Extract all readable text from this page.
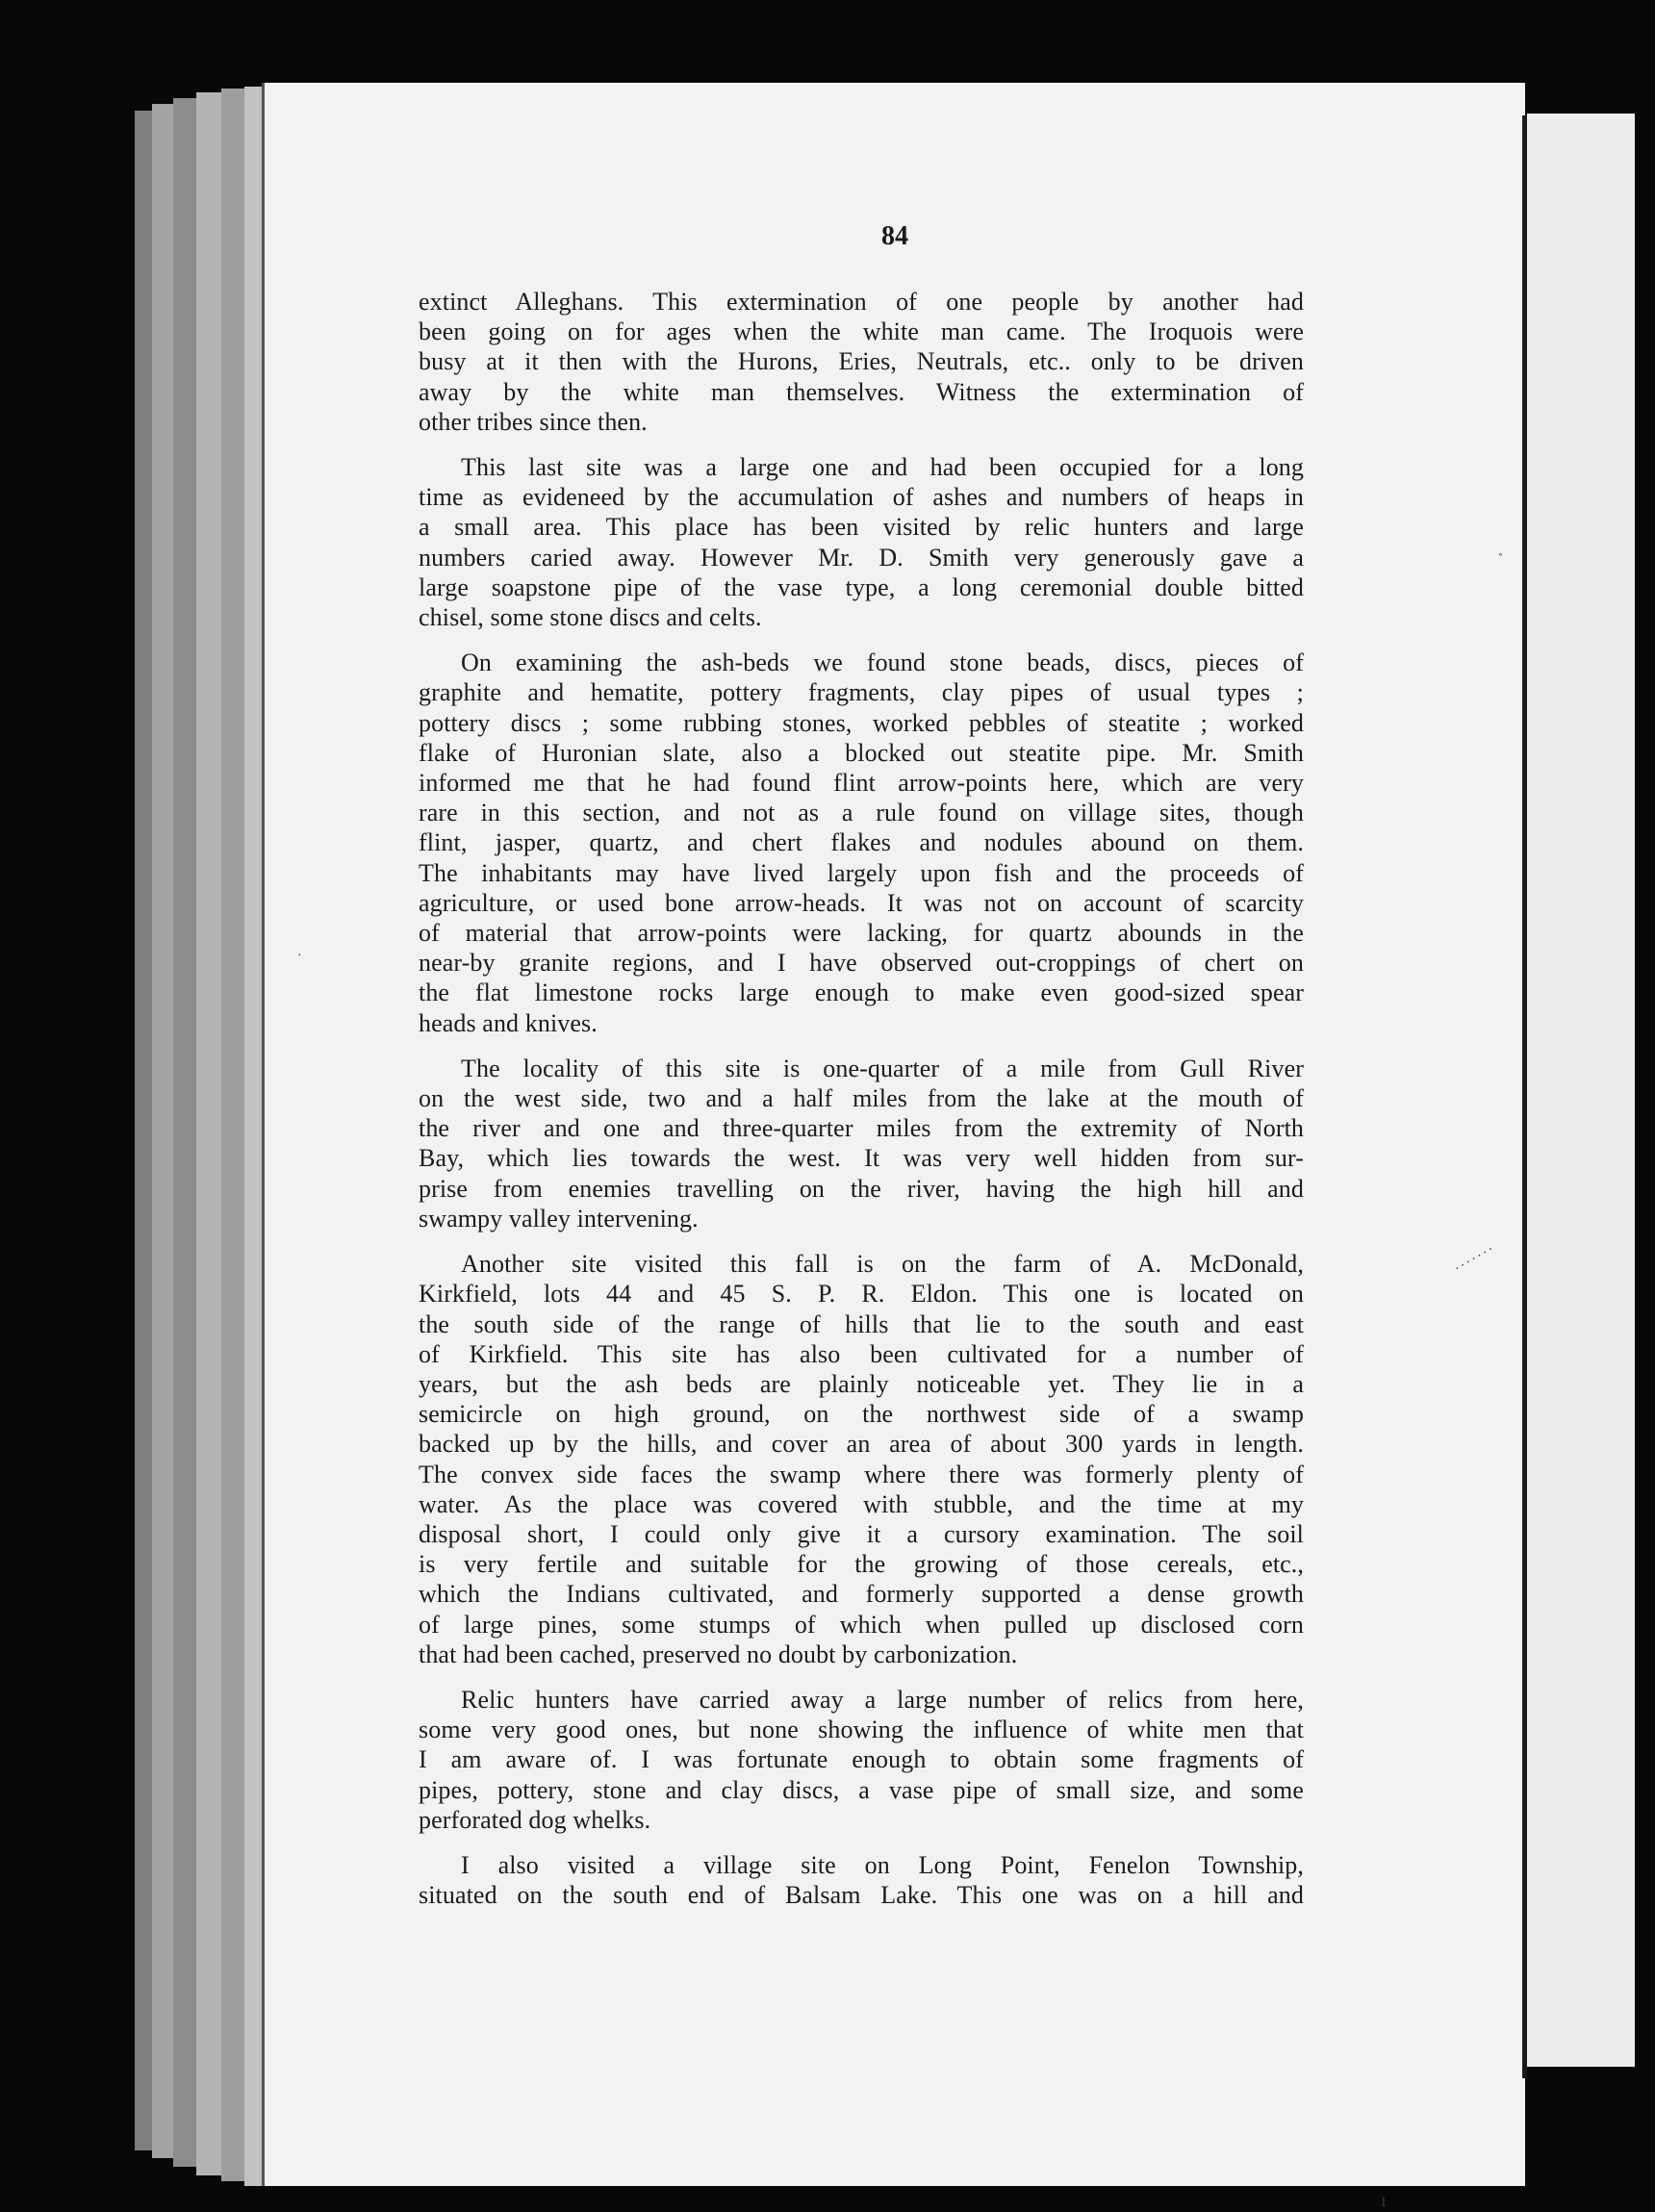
84
extinct Alleghans. This extermination of one people by another had
been going on for ages when the white man came. The Iroquois were
busy at it then with the Hurons, Eries, Neutrals, etc.. only to be driven
away by the white man themselves. Witness the extermination of
other tribes since then.
This last site was a large one and had been occupied for a long
time as evideneed by the accumulation of ashes and numbers of heaps in
a small area. This place has been visited by relic hunters and large
numbers caried away. However Mr. D. Smith very generously gave a
large soapstone pipe of the vase type, a long ceremonial double bitted
chisel, some stone discs and celts.
On examining the ash-beds we found stone beads, discs, pieces of
graphite and hematite, pottery fragments, clay pipes of usual types ;
pottery discs ; some rubbing stones, worked pebbles of steatite ; worked
flake of Huronian slate, also a blocked out steatite pipe. Mr. Smith
informed me that he had found flint arrow-points here, which are very
rare in this section, and not as a rule found on village sites, though
flint, jasper, quartz, and chert flakes and nodules abound on them.
The inhabitants may have lived largely upon fish and the proceeds of
agriculture, or used bone arrow-heads. It was not on account of scarcity
of material that arrow-points were lacking, for quartz abounds in the
near-by granite regions, and I have observed out-croppings of chert on
the flat limestone rocks large enough to make even good-sized spear
heads and knives.
The locality of this site is one-quarter of a mile from Gull River
on the west side, two and a half miles from the lake at the mouth of
the river and one and three-quarter miles from the extremity of North
Bay, which lies towards the west. It was very well hidden from sur-
prise from enemies travelling on the river, having the high hill and
swampy valley intervening.
Another site visited this fall is on the farm of A. McDonald,
Kirkfield, lots 44 and 45 S. P. R. Eldon. This one is located on
the south side of the range of hills that lie to the south and east
of Kirkfield. This site has also been cultivated for a number of
years, but the ash beds are plainly noticeable yet. They lie in a
semicircle on high ground, on the northwest side of a swamp
backed up by the hills, and cover an area of about 300 yards in length.
The convex side faces the swamp where there was formerly plenty of
water. As the place was covered with stubble, and the time at my
disposal short, I could only give it a cursory examination. The soil
is very fertile and suitable for the growing of those cereals, etc.,
which the Indians cultivated, and formerly supported a dense growth
of large pines, some stumps of which when pulled up disclosed corn
that had been cached, preserved no doubt by carbonization.
Relic hunters have carried away a large number of relics from here,
some very good ones, but none showing the influence of white men that
I am aware of. I was fortunate enough to obtain some fragments of
pipes, pottery, stone and clay discs, a vase pipe of small size, and some
perforated dog whelks.
I also visited a village site on Long Point, Fenelon Township,
situated on the south end of Balsam Lake. This one was on a hill and
·
·······
˚
ı
